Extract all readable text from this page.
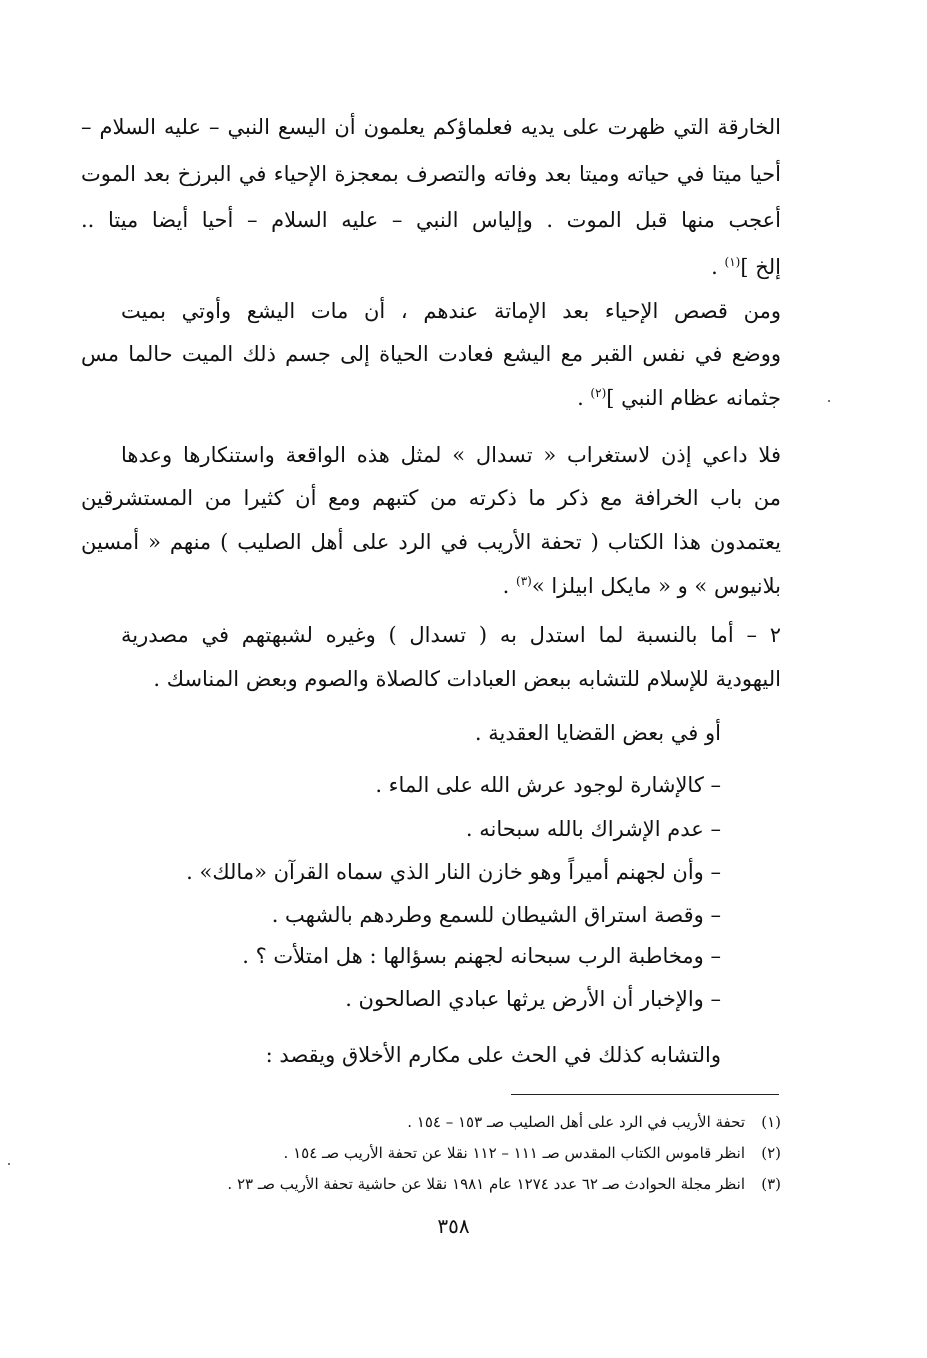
الخارقة التي ظهرت على يديه فعلماؤكم يعلمون أن اليسع النبي – عليه السلام –
أحيا ميتا في حياته وميتا بعد وفاته والتصرف بمعجزة الإحياء في البرزخ بعد الموت
أعجب منها قبل الموت . وإلياس النبي – عليه السلام – أحيا أيضا ميتا ..
إلخ ]$^{(١)}$ .
ومن قصص الإحياء بعد الإماتة عندهم ، أن مات اليشع وأوتي بميت
ووضع في نفس القبر مع اليشع فعادت الحياة إلى جسم ذلك الميت حالما مس
جثمانه عظام النبي ]$^{(٢)}$ .
فلا داعي إذن لاستغراب « تسدال » لمثل هذه الواقعة واستنكارها وعدها
من باب الخرافة مع ذكر ما ذكرته من كتبهم ومع أن كثيرا من المستشرقين
يعتمدون هذا الكتاب ( تحفة الأريب في الرد على أهل الصليب ) منهم « أمسين
بلانيوس » و « مايكل ابيلزا »$^{(٣)}$ .
٢ – أما بالنسبة لما استدل به ( تسدال ) وغيره لشبهتهم في مصدرية
اليهودية للإسلام للتشابه ببعض العبادات كالصلاة والصوم وبعض المناسك .
أو في بعض القضايا العقدية .
– كالإشارة لوجود عرش الله على الماء .
– عدم الإشراك بالله سبحانه .
– وأن لجهنم أميراً وهو خازن النار الذي سماه القرآن «مالك» .
– وقصة استراق الشيطان للسمع وطردهم بالشهب .
– ومخاطبة الرب سبحانه لجهنم بسؤالها : هل امتلأت ؟ .
– والإخبار أن الأرض يرثها عبادي الصالحون .
والتشابه كذلك في الحث على مكارم الأخلاق ويقصد :
(١)تحفة الأريب في الرد على أهل الصليب صـ ١٥٣ – ١٥٤ .
(٢)انظر قاموس الكتاب المقدس صـ ١١١ – ١١٢ نقلا عن تحفة الأريب صـ ١٥٤ .
(٣)انظر مجلة الحوادث صـ ٦٢ عدد ١٢٧٤ عام ١٩٨١ نقلا عن حاشية تحفة الأريب صـ ٢٣ .
٣٥٨
